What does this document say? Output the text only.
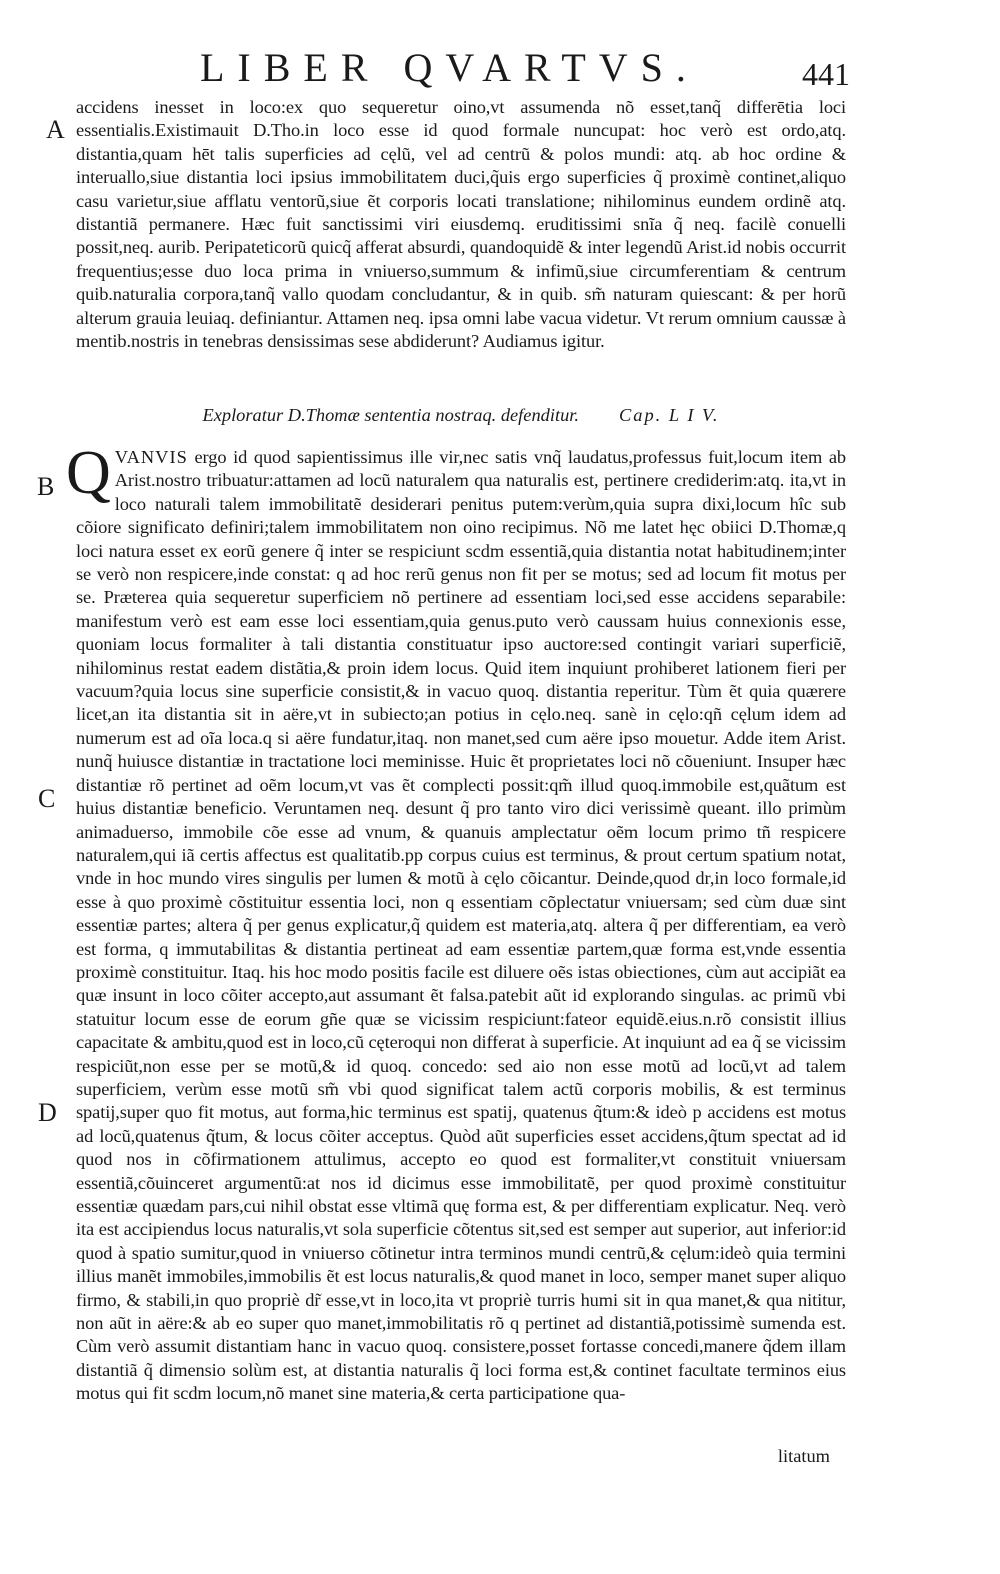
LIBER QVARTVS.	441
A
B
C
D

accidens inesset in loco:ex quo sequeretur oino,vt assumenda nõ esset,tanq̃ differētia loci essentialis.Existimauit D.Tho.in loco esse id quod formale nuncupat: hoc verò est ordo,atq. distantia,quam hēt talis superficies ad cęlũ, vel ad centrũ & polos mundi: atq. ab hoc ordine & interuallo,siue distantia loci ipsius immobilitatem duci,q̃uis ergo superficies q̃ proximè continet,aliquo casu varietur,siue afflatu ventorũ,siue ẽt corporis locati translatione; nihilominus eundem ordinẽ atq. distantiã permanere. Hæc fuit sanctissimi viri eiusdemq. eruditissimi snĩa q̃ neq. facilè conuelli possit,neq. aurib. Peripateticorũ quicq̃ afferat absurdi, quandoquidẽ & inter legendũ Arist.id nobis occurrit frequentius;esse duo loca prima in vniuerso,summum & infimũ,siue circumferentiam & centrum quib.naturalia corpora,tanq̃ vallo quodam concludantur, & in quib. sm̃ naturam quiescant: & per horũ alterum grauia leuiaq. definiantur. Attamen neq. ipsa omni labe vacua videtur. Vt rerum omnium caussæ à mentib.nostris in tenebras densissimas sese abdiderunt? Audiamus igitur.

Exploratur D.Thomæ sententia nostraq. defenditur. Cap. L I V.

QVANVIS ergo id quod sapientissimus ille vir,nec satis vnq̃ laudatus,professus fuit,locum item ab Arist.nostro tribuatur:attamen ad locũ naturalem qua naturalis est, pertinere crediderim:atq. ita,vt in loco naturali talem immobilitatẽ desiderari penitus putem:verùm,quia supra dixi,locum hîc sub cõiore significato definiri;talem immobilitatem non oino recipimus. Nõ me latet hęc obiici D.Thomæ,q loci natura esset ex eorũ genere q̃ inter se respiciunt scdm essentiã,quia distantia notat habitudinem;inter se verò non respicere,inde constat: q ad hoc rerũ genus non fit per se motus; sed ad locum fit motus per se. Præterea quia sequeretur superficiem nõ pertinere ad essentiam loci,sed esse accidens separabile: manifestum verò est eam esse loci essentiam,quia genus.puto verò caussam huius connexionis esse, quoniam locus formaliter à tali distantia constituatur ipso auctore:sed contingit variari superficiẽ, nihilominus restat eadem distãtia,& proin idem locus. Quid item inquiunt prohiberet lationem fieri per vacuum?quia locus sine superficie consistit,& in vacuo quoq. distantia reperitur. Tùm ẽt quia quærere licet,an ita distantia sit in aëre,vt in subiecto;an potius in cęlo.neq. sanè in cęlo:qñ cęlum idem ad numerum est ad oĩa loca.q si aëre fundatur,itaq. non manet,sed cum aëre ipso mouetur. Adde item Arist. nunq̃ huiusce distantiæ in tractatione loci meminisse. Huic ẽt proprietates loci nõ cõueniunt. Insuper hæc distantiæ rõ pertinet ad oẽm locum,vt vas ẽt complecti possit:qm̃ illud quoq.immobile est,quãtum est huius distantiæ beneficio. Veruntamen neq. desunt q̃ pro tanto viro dici verissimè queant. illo primùm animaduerso, immobile cõe esse ad vnum, & quanuis amplectatur oẽm locum primo tñ respicere naturalem,qui iã certis affectus est qualitatib.pp corpus cuius est terminus, & prout certum spatium notat, vnde in hoc mundo vires singulis per lumen & motũ à cęlo cõicantur. Deinde,quod dr,in loco formale,id esse à quo proximè cõstituitur essentia loci, non q essentiam cõplectatur vniuersam; sed cùm duæ sint essentiæ partes; altera q̃ per genus explicatur,q̃ quidem est materia,atq. altera q̃ per differentiam, ea verò est forma, q immutabilitas & distantia pertineat ad eam essentiæ partem,quæ forma est,vnde essentia proximè constituitur. Itaq. his hoc modo positis facile est diluere oẽs istas obiectiones, cùm aut accipiãt ea quæ insunt in loco cõiter accepto,aut assumant ẽt falsa.patebit aũt id explorando singulas. ac primũ vbi statuitur locum esse de eorum gñe quæ se vicissim respiciunt:fateor equidẽ.eius.n.rõ consistit illius capacitate & ambitu,quod est in loco,cũ cęteroqui non differat à superficie. At inquiunt ad ea q̃ se vicissim respiciũt,non esse per se motũ,& id quoq. concedo: sed aio non esse motũ ad locũ,vt ad talem superficiem, verùm esse motũ sm̃ vbi quod significat talem actũ corporis mobilis, & est terminus spatij,super quo fit motus, aut forma,hic terminus est spatij, quatenus q̃tum:& ideò p accidens est motus ad locũ,quatenus q̃tum, & locus cõiter acceptus. Quòd aũt superficies esset accidens,q̃tum spectat ad id quod nos in cõfirmationem attulimus, accepto eo quod est formaliter,vt constituit vniuersam essentiã,cõuinceret argumentũ:at nos id dicimus esse immobilitatẽ, per quod proximè constituitur essentiæ quædam pars,cui nihil obstat esse vltimã quę forma est, & per differentiam explicatur. Neq. verò ita est accipiendus locus naturalis,vt sola superficie cõtentus sit,sed est semper aut superior, aut inferior:id quod à spatio sumitur,quod in vniuerso cõtinetur intra terminos mundi centrũ,& cęlum:ideò quia termini illius manẽt immobiles,immobilis ẽt est locus naturalis,& quod manet in loco, semper manet super aliquo firmo, & stabili,in quo propriè dr̃ esse,vt in loco,ita vt propriè turris humi sit in qua manet,& qua nititur, non aũt in aëre:& ab eo super quo manet,immobilitatis rõ q pertinet ad distantiã,potissimè sumenda est. Cùm verò assumit distantiam hanc in vacuo quoq. consistere,posset fortasse concedi,manere q̃dem illam distantiã q̃ dimensio solùm est, at distantia naturalis q̃ loci forma est,& continet facultate terminos eius motus qui fit scdm locum,nõ manet sine materia,& certa participatione qua-

litatum
